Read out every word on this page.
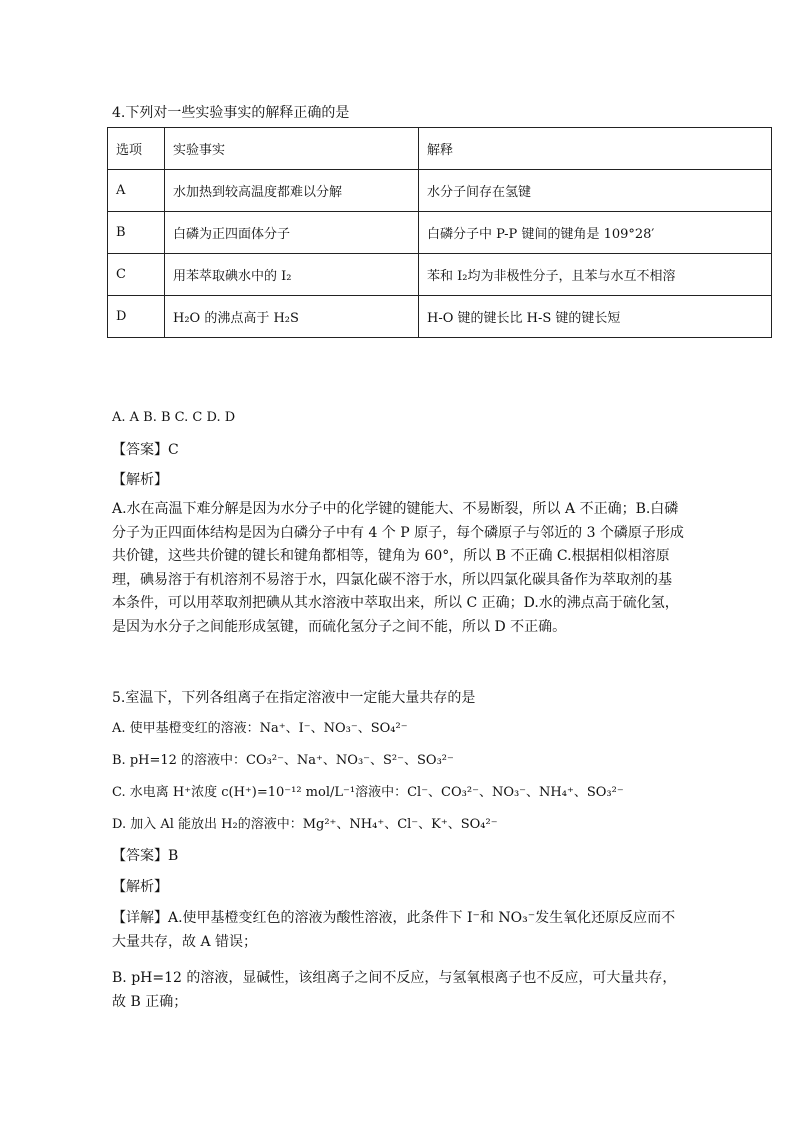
4.下列对一些实验事实的解释正确的是
选项	实验事实	解释
A	水加热到较高温度都难以分解	水分子间存在氢键
B	白磷为正四面体分子	白磷分子中 P-P 键间的键角是 109°28′
C	用苯萃取碘水中的 I₂	苯和 I₂均为非极性分子，且苯与水互不相溶
D	H₂O 的沸点高于 H₂S	H-O 键的键长比 H-S 键的键长短
A. A B. B C. C D. D
【答案】C
【解析】
A.水在高温下难分解是因为水分子中的化学键的键能大、不易断裂，所以 A 不正确；B.白磷分子为正四面体结构是因为白磷分子中有 4 个 P 原子，每个磷原子与邻近的 3 个磷原子形成共价键，这些共价键的键长和键角都相等，键角为 60°，所以 B 不正确 C.根据相似相溶原理，碘易溶于有机溶剂不易溶于水，四氯化碳不溶于水，所以四氯化碳具备作为萃取剂的基本条件，可以用萃取剂把碘从其水溶液中萃取出来，所以 C 正确；D.水的沸点高于硫化氢，是因为水分子之间能形成氢键，而硫化氢分子之间不能，所以 D 不正确。
5.室温下，下列各组离子在指定溶液中一定能大量共存的是
A. 使甲基橙变红的溶液：Na⁺、I⁻、NO₃⁻、SO₄²⁻
B. pH=12 的溶液中：CO₃²⁻、Na⁺、NO₃⁻、S²⁻、SO₃²⁻
C. 水电离 H⁺浓度 c(H⁺)=10⁻¹² mol/L⁻¹溶液中：Cl⁻、CO₃²⁻、NO₃⁻、NH₄⁺、SO₃²⁻
D. 加入 Al 能放出 H₂的溶液中：Mg²⁺、NH₄⁺、Cl⁻、K⁺、SO₄²⁻
【答案】B
【解析】
【详解】A.使甲基橙变红色的溶液为酸性溶液，此条件下 I⁻和 NO₃⁻发生氧化还原反应而不大量共存，故 A 错误；
B. pH=12 的溶液，显碱性，该组离子之间不反应，与氢氧根离子也不反应，可大量共存，故 B 正确；
